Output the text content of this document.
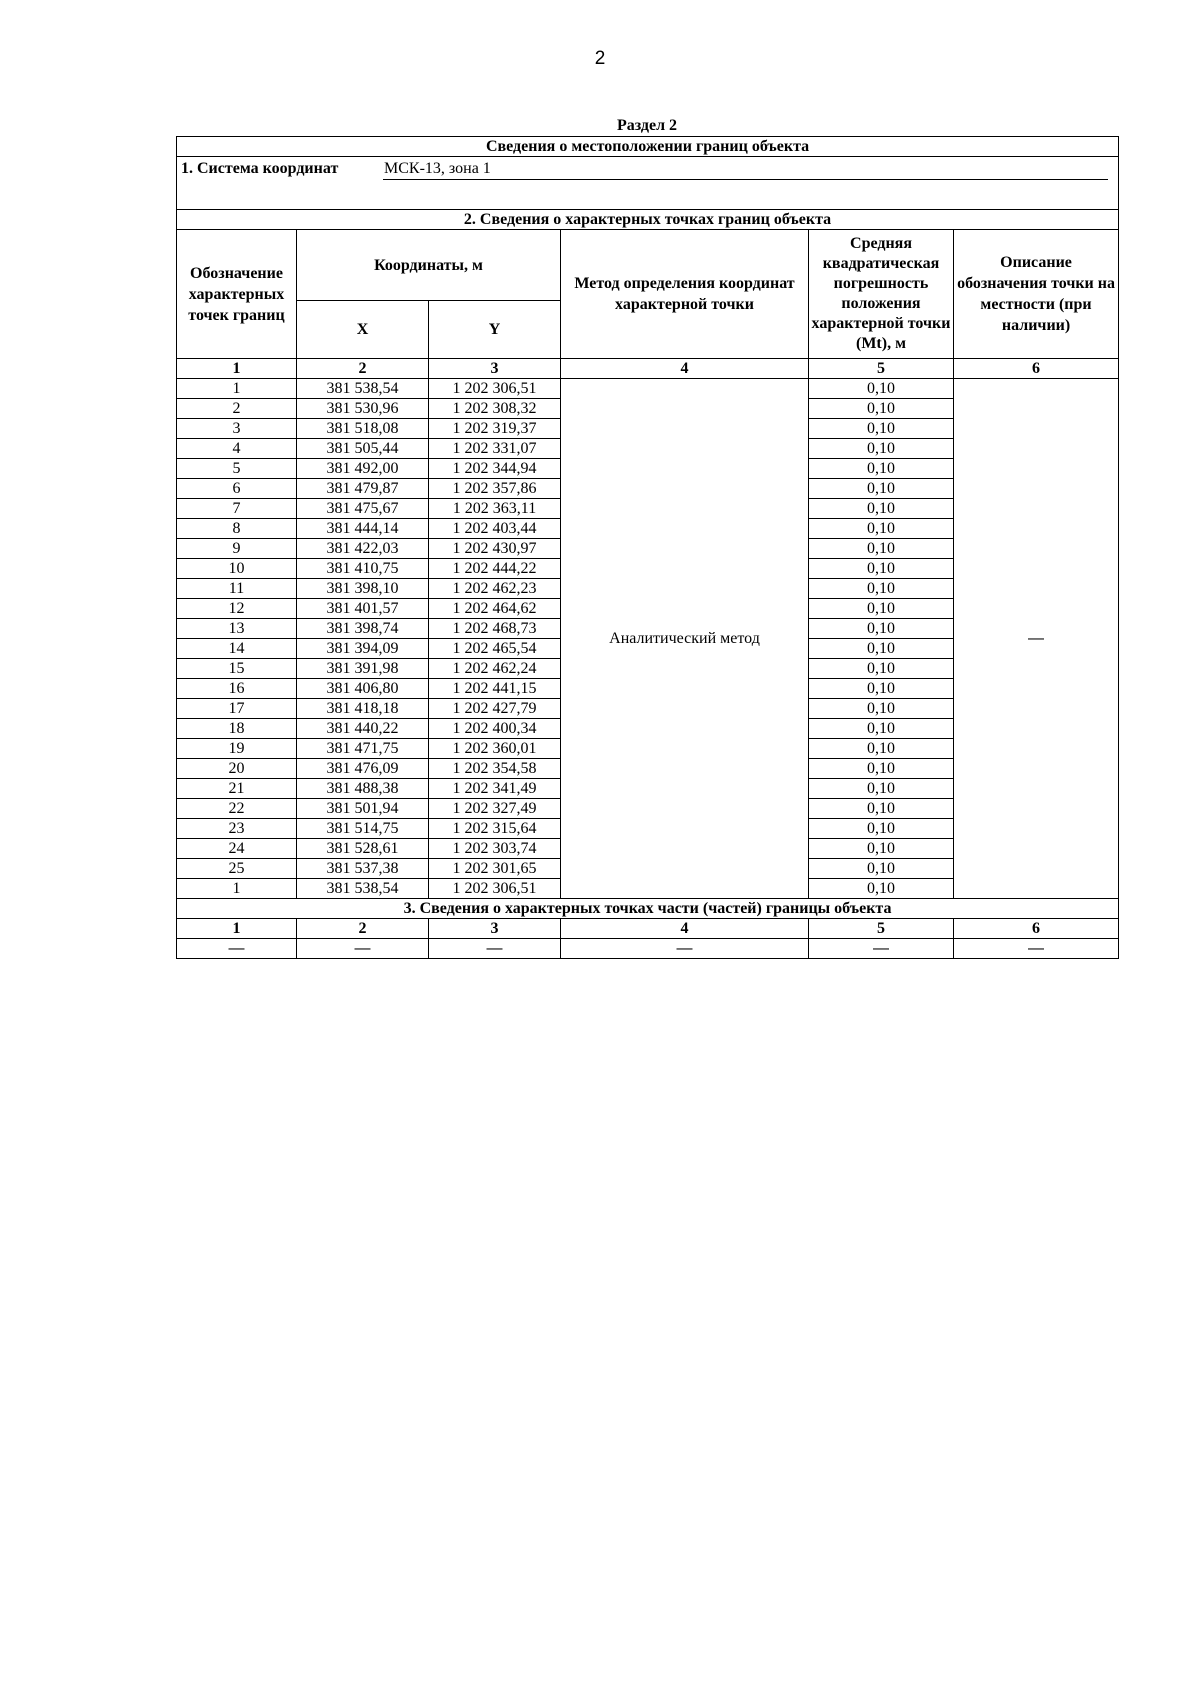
2
Раздел 2
Сведения о местоположении границ объекта					

1. Система координат МСК-13, зона 1					

2. Сведения о характерных точках границ объекта					
Обозначение характерных точек границ	Координаты, м		Метод определения координат характерной точки	Средняя квадратическая погрешность положения характерной точки (Mt), м	Описание обозначения точки на местности (при наличии)
	X	Y			
1	2	3	4	5	6
1	381 538,54	1 202 306,51	Аналитический метод	0,10	—
2	381 530,96	1 202 308,32		0,10	
3	381 518,08	1 202 319,37		0,10	
4	381 505,44	1 202 331,07		0,10	
5	381 492,00	1 202 344,94		0,10	
6	381 479,87	1 202 357,86		0,10	
7	381 475,67	1 202 363,11		0,10	
8	381 444,14	1 202 403,44		0,10	
9	381 422,03	1 202 430,97		0,10	
10	381 410,75	1 202 444,22		0,10	
11	381 398,10	1 202 462,23		0,10	
12	381 401,57	1 202 464,62		0,10	
13	381 398,74	1 202 468,73		0,10	
14	381 394,09	1 202 465,54		0,10	
15	381 391,98	1 202 462,24		0,10	
16	381 406,80	1 202 441,15		0,10	
17	381 418,18	1 202 427,79		0,10	
18	381 440,22	1 202 400,34		0,10	
19	381 471,75	1 202 360,01		0,10	
20	381 476,09	1 202 354,58		0,10	
21	381 488,38	1 202 341,49		0,10	
22	381 501,94	1 202 327,49		0,10	
23	381 514,75	1 202 315,64		0,10	
24	381 528,61	1 202 303,74		0,10	
25	381 537,38	1 202 301,65		0,10	
1	381 538,54	1 202 306,51		0,10	
3. Сведения о характерных точках части (частей) границы объекта					
1	2	3	4	5	6
—	—	—	—	—	—
